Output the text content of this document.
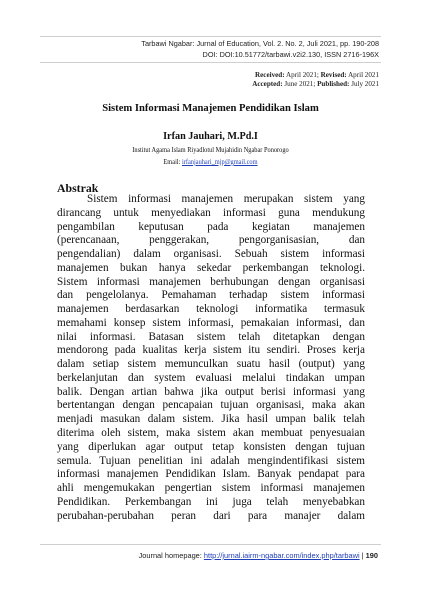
Tarbawi Ngabar: Jurnal of Education, Vol. 2. No. 2, Juli 2021, pp. 190-208
DOI: DOI:10.51772/tarbawi.v2i2.130, ISSN 2716-196X
Received: April 2021; Revised: April 2021
Accepted: June 2021; Published: July 2021
Sistem Informasi Manajemen Pendidikan Islam
Irfan Jauhari, M.Pd.I
Institut Agama Islam Riyadlotul Mujahidin Ngabar Ponorogo
Email: irfanjauhari_mjp@gmail.com
Abstrak
Sistem informasi manajemen merupakan sistem yang
dirancang untuk menyediakan informasi guna mendukung
pengambilan keputusan pada kegiatan manajemen
(perencanaan, penggerakan, pengorganisasian, dan
pengendalian) dalam organisasi. Sebuah sistem informasi
manajemen bukan hanya sekedar perkembangan teknologi.
Sistem informasi manajemen berhubungan dengan organisasi
dan pengelolanya. Pemahaman terhadap sistem informasi
manajemen berdasarkan teknologi informatika termasuk
memahami konsep sistem informasi, pemakaian informasi, dan
nilai informasi. Batasan sistem telah ditetapkan dengan
mendorong pada kualitas kerja sistem itu sendiri. Proses kerja
dalam setiap sistem memunculkan suatu hasil (output) yang
berkelanjutan dan system evaluasi melalui tindakan umpan
balik. Dengan artian bahwa jika output berisi informasi yang
bertentangan dengan pencapaian tujuan organisasi, maka akan
menjadi masukan dalam sistem. Jika hasil umpan balik telah
diterima oleh sistem, maka sistem akan membuat penyesuaian
yang diperlukan agar output tetap konsisten dengan tujuan
semula. Tujuan penelitian ini adalah mengindentifikasi sistem
informasi manajemen Pendidikan Islam. Banyak pendapat para
ahli mengemukakan pengertian sistem informasi manajemen
Pendidikan. Perkembangan ini juga telah menyebabkan
perubahan-perubahan peran dari para manajer dalam
Journal homepage: http://jurnal.iairm-ngabar.com/index.php/tarbawi | 190
